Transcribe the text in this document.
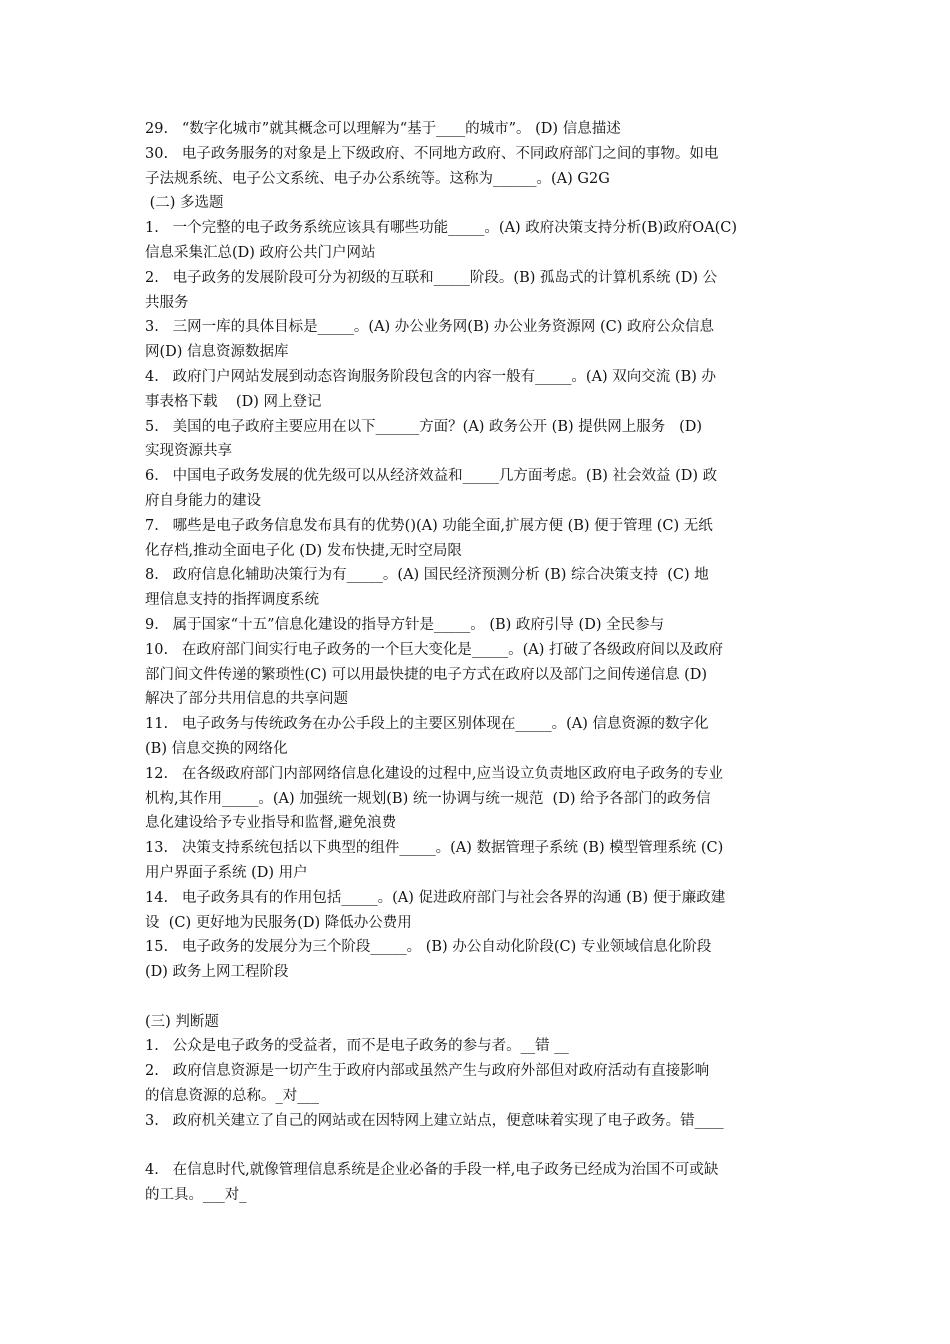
29.   “数字化城市”就其概念可以理解为“基于____的城市”。 (D) 信息描述
30.   电子政务服务的对象是上下级政府、不同地方政府、不同政府部门之间的事物。如电
子法规系统、电子公文系统、电子办公系统等。这称为______。(A) G2G
(二) 多选题
1.   一个完整的电子政务系统应该具有哪些功能_____。(A) 政府决策支持分析(B)政府OA(C)
信息采集汇总(D) 政府公共门户网站
2.   电子政务的发展阶段可分为初级的互联和_____阶段。(B) 孤岛式的计算机系统 (D) 公
共服务
3.   三网一库的具体目标是_____。(A) 办公业务网(B) 办公业务资源网 (C) 政府公众信息
网(D) 信息资源数据库
4.   政府门户网站发展到动态咨询服务阶段包含的内容一般有_____。(A) 双向交流 (B) 办
事表格下载    (D) 网上登记
5.   美国的电子政府主要应用在以下______方面？(A) 政务公开 (B) 提供网上服务   (D)
实现资源共享
6.   中国电子政务发展的优先级可以从经济效益和_____几方面考虑。(B) 社会效益 (D) 政
府自身能力的建设
7.   哪些是电子政务信息发布具有的优势()(A) 功能全面,扩展方便 (B) 便于管理 (C) 无纸
化存档,推动全面电子化 (D) 发布快捷,无时空局限
8.   政府信息化辅助决策行为有_____。(A) 国民经济预测分析 (B) 综合决策支持  (C) 地
理信息支持的指挥调度系统
9.   属于国家“十五”信息化建设的指导方针是_____。 (B) 政府引导 (D) 全民参与
10.   在政府部门间实行电子政务的一个巨大变化是_____。(A) 打破了各级政府间以及政府
部门间文件传递的繁琐性(C) 可以用最快捷的电子方式在政府以及部门之间传递信息 (D)
解决了部分共用信息的共享问题
11.   电子政务与传统政务在办公手段上的主要区别体现在_____。(A) 信息资源的数字化
(B) 信息交换的网络化
12.   在各级政府部门内部网络信息化建设的过程中,应当设立负责地区政府电子政务的专业
机构,其作用_____。(A) 加强统一规划(B) 统一协调与统一规范  (D) 给予各部门的政务信
息化建设给予专业指导和监督,避免浪费
13.   决策支持系统包括以下典型的组件_____。(A) 数据管理子系统 (B) 模型管理系统 (C)
用户界面子系统 (D) 用户
14.   电子政务具有的作用包括_____。(A) 促进政府部门与社会各界的沟通 (B) 便于廉政建
设  (C) 更好地为民服务(D) 降低办公费用
15.   电子政务的发展分为三个阶段_____。 (B) 办公自动化阶段(C) 专业领域信息化阶段
(D) 政务上网工程阶段
(三) 判断题
1.   公众是电子政务的受益者，而不是电子政务的参与者。__错 __
2.   政府信息资源是一切产生于政府内部或虽然产生与政府外部但对政府活动有直接影响
的信息资源的总称。_对___
3.   政府机关建立了自己的网站或在因特网上建立站点，便意味着实现了电子政务。错____
4.   在信息时代,就像管理信息系统是企业必备的手段一样,电子政务已经成为治国不可或缺
的工具。___对_
